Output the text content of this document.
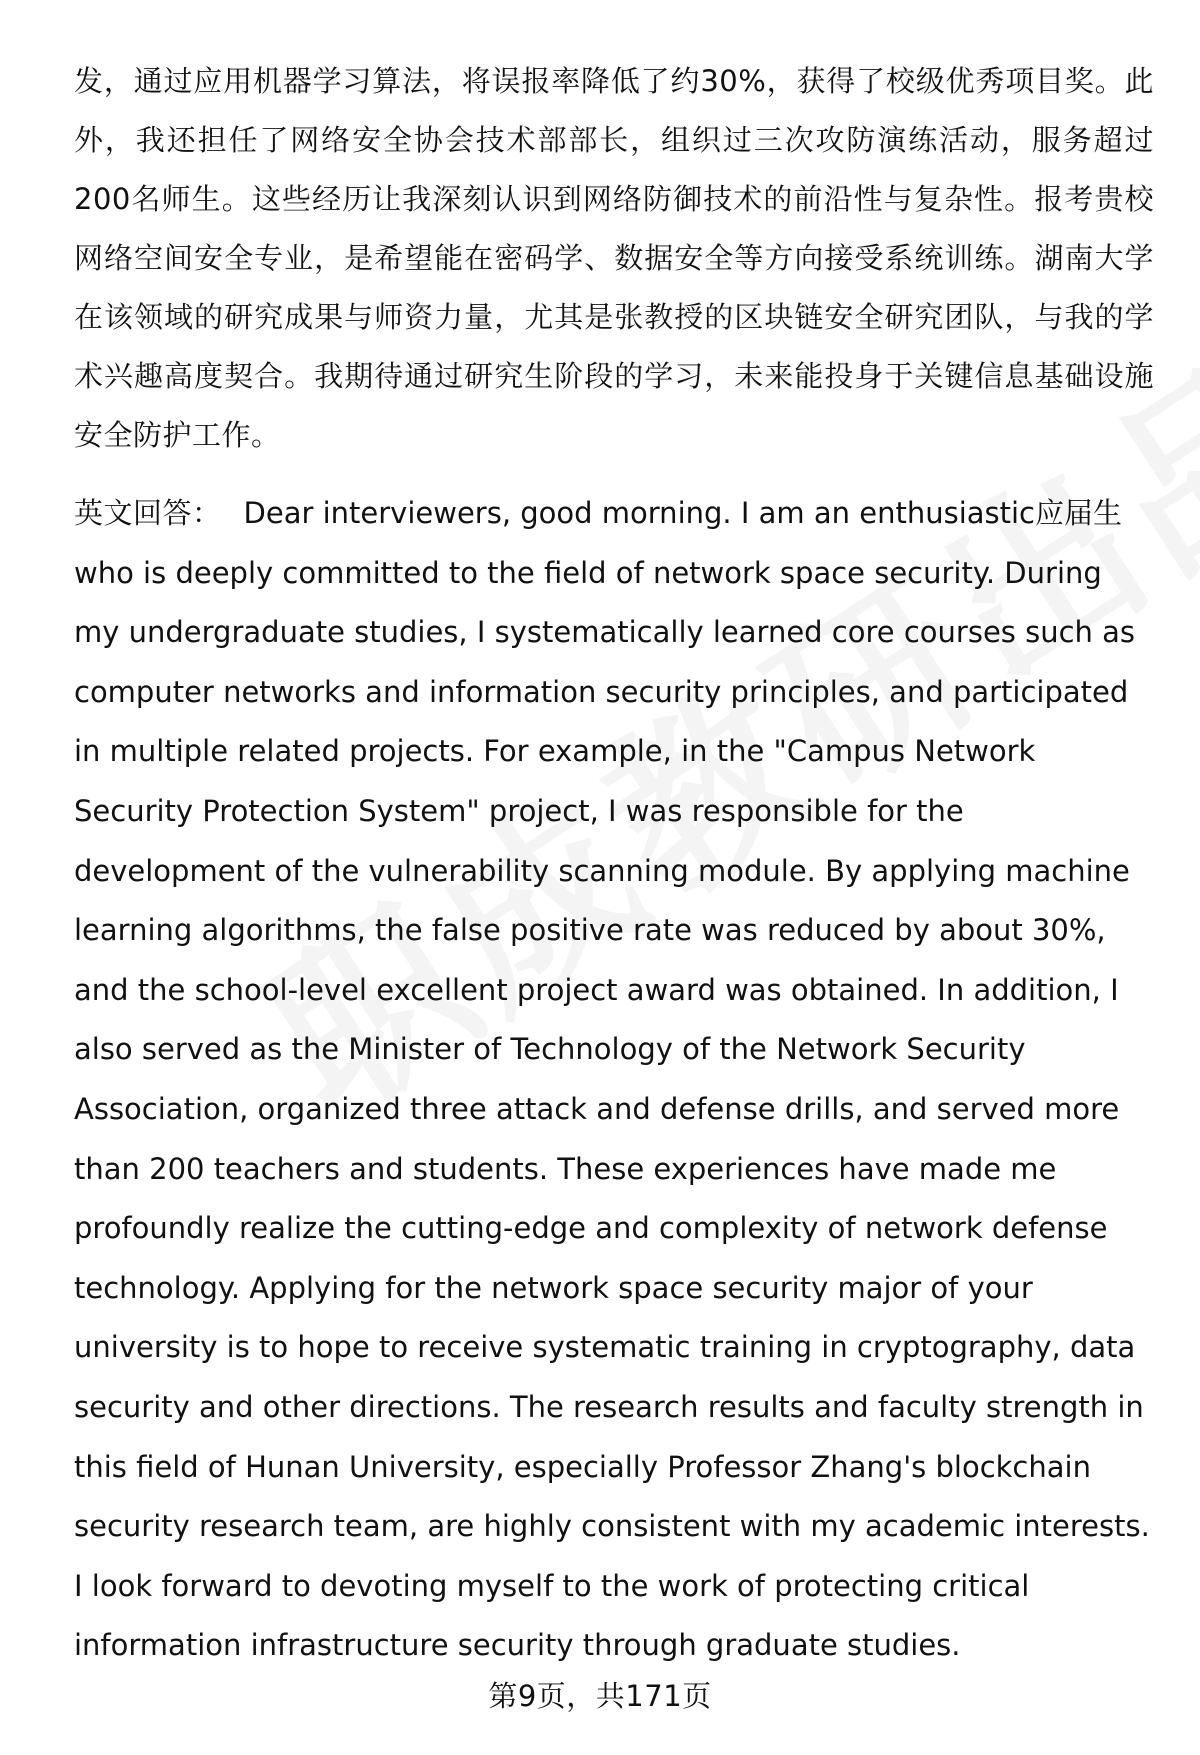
发，通过应用机器学习算法，将误报率降低了约30%，获得了校级优秀项目奖。此外，我还担任了网络安全协会技术部部长，组织过三次攻防演练活动，服务超过200名师生。这些经历让我深刻认识到网络防御技术的前沿性与复杂性。报考贵校网络空间安全专业，是希望能在密码学、数据安全等方向接受系统训练。湖南大学在该领域的研究成果与师资力量，尤其是张教授的区块链安全研究团队，与我的学术兴趣高度契合。我期待通过研究生阶段的学习，未来能投身于关键信息基础设施安全防护工作。

英文回答： Dear interviewers, good morning. I am an enthusiastic应届生 who is deeply committed to the field of network space security. During my undergraduate studies, I systematically learned core courses such as computer networks and information security principles, and participated in multiple related projects. For example, in the "Campus Network Security Protection System" project, I was responsible for the development of the vulnerability scanning module. By applying machine learning algorithms, the false positive rate was reduced by about 30%, and the school-level excellent project award was obtained. In addition, I also served as the Minister of Technology of the Network Security Association, organized three attack and defense drills, and served more than 200 teachers and students. These experiences have made me profoundly realize the cutting-edge and complexity of network defense technology. Applying for the network space security major of your university is to hope to receive systematic training in cryptography, data security and other directions. The research results and faculty strength in this field of Hunan University, especially Professor Zhang's blockchain security research team, are highly consistent with my academic interests. I look forward to devoting myself to the work of protecting critical information infrastructure security through graduate studies.

第9页，共171页
